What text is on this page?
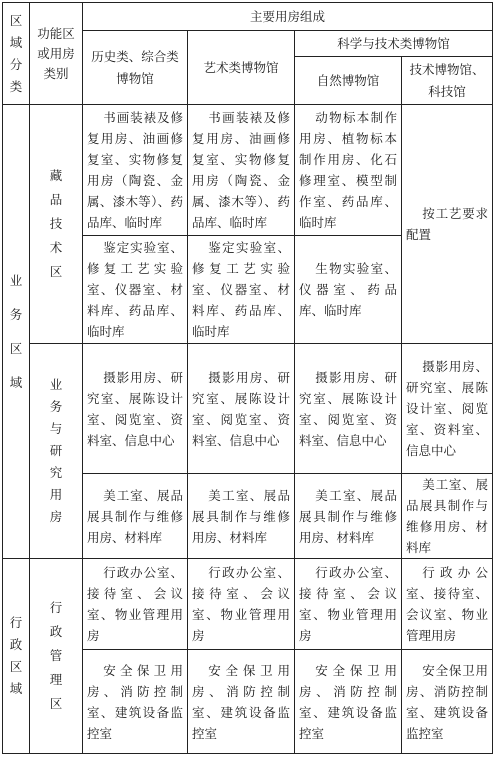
区域分类	功能区或用房类别	主要用房组成			
		历史类、综合类博物馆	艺术类博物馆	科学与技术类博物馆	
				自然博物馆	技术博物馆、科技馆

业务区域	藏品技术区	书画装裱及修复用房、油画修复室、实物修复用房（陶瓷、金属、漆木等）、药品库、临时库	书画装裱及修复用房、油画修复室、实物修复用房（陶瓷、金属、漆木等）、药品库、临时库	动物标本制作用房、植物标本制作用房、化石修理室、模型制作室、药品库、临时库	按工艺要求配置
		鉴定实验室、修复工艺实验室、仪器室、材料库、药品库、临时库	鉴定实验室、修复工艺实验室、仪器室、材料库、药品库、临时库	生物实验室、仪器室、药品库、临时库	

	业务与研究用房	摄影用房、研究室、展陈设计室、阅览室、资料室、信息中心	摄影用房、研究室、展陈设计室、阅览室、资料室、信息中心	摄影用房、研究室、展陈设计室、阅览室、资料室、信息中心	摄影用房、研究室、展陈设计室、阅览室、资料室、信息中心
		美工室、展品展具制作与维修用房、材料库	美工室、展品展具制作与维修用房、材料库	美工室、展品展具制作与维修用房、材料库	美工室、展品展具制作与维修用房、材料库

行政区域	行政管理区	行政办公室、接待室、会议室、物业管理用房	行政办公室、接待室、会议室、物业管理用房	行政办公室、接待室、会议室、物业管理用房	行政办公室、接待室、会议室、物业管理用房
		安全保卫用房、消防控制室、建筑设备监控室	安全保卫用房、消防控制室、建筑设备监控室	安全保卫用房、消防控制室、建筑设备监控室	安全保卫用房、消防控制室、建筑设备监控室
